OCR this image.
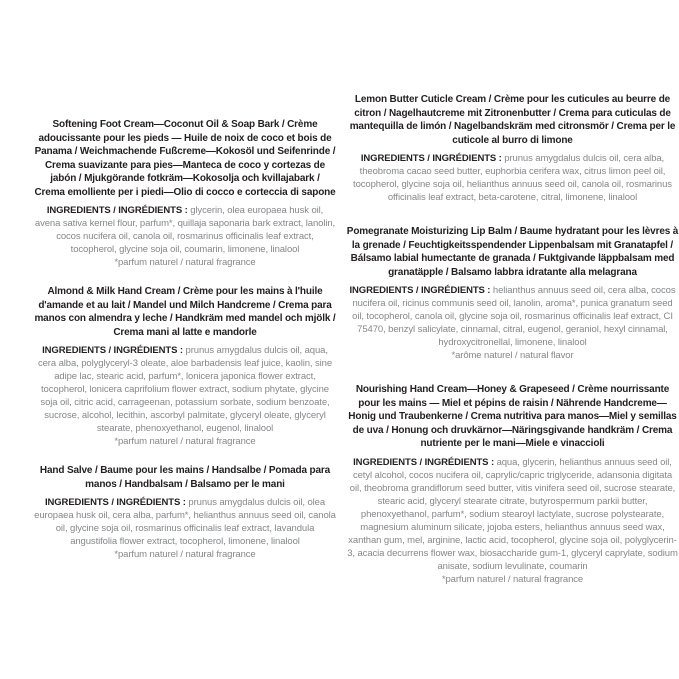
Softening Foot Cream—Coconut Oil & Soap Bark / Crème adoucissante pour les pieds — Huile de noix de coco et bois de Panama / Weichmachende Fußcreme—Kokosöl und Seifenrinde / Crema suavizante para pies—Manteca de coco y cortezas de jabón / Mjukgörande fotkräm—Kokosolja och kvillajabark / Crema emolliente per i piedi—Olio di cocco e corteccia di sapone

INGREDIENTS / INGRÉDIENTS : glycerin, olea europaea husk oil, avena sativa kernel flour, parfum*, quillaja saponaria bark extract, lanolin, cocos nucifera oil, canola oil, rosmarinus officinalis leaf extract, tocopherol, glycine soja oil, coumarin, limonene, linalool

*parfum naturel / natural fragrance
Almond & Milk Hand Cream / Crème pour les mains à l'huile d'amande et au lait / Mandel und Milch Handcreme / Crema para manos con almendra y leche / Handkräm med mandel och mjölk / Crema mani al latte e mandorle

INGREDIENTS / INGRÉDIENTS : prunus amygdalus dulcis oil, aqua, cera alba, polyglyceryl-3 oleate, aloe barbadensis leaf juice, kaolin, sine adipe lac, stearic acid, parfum*, lonicera japonica flower extract, tocopherol, lonicera caprifolium flower extract, sodium phytate, glycine soja oil, citric acid, carrageenan, potassium sorbate, sodium benzoate, sucrose, alcohol, lecithin, ascorbyl palmitate, glyceryl oleate, glyceryl stearate, phenoxyethanol, eugenol, linalool

*parfum naturel / natural fragrance
Hand Salve / Baume pour les mains / Handsalbe / Pomada para manos / Handbalsam / Balsamo per le mani

INGREDIENTS / INGRÉDIENTS : prunus amygdalus dulcis oil, olea europaea husk oil, cera alba, parfum*, helianthus annuus seed oil, canola oil, glycine soja oil, rosmarinus officinalis leaf extract, lavandula angustifolia flower extract, tocopherol, limonene, linalool

*parfum naturel / natural fragrance
Lemon Butter Cuticle Cream / Crème pour les cuticules au beurre de citron / Nagelhautcreme mit Zitronenbutter / Crema para cuticulas de mantequilla de limón / Nagelbandskräm med citronsmör / Crema per le cuticole al burro di limone

INGREDIENTS / INGRÉDIENTS : prunus amygdalus dulcis oil, cera alba, theobroma cacao seed butter, euphorbia cerifera wax, citrus limon peel oil, tocopherol, glycine soja oil, helianthus annuus seed oil, canola oil, rosmarinus officinalis leaf extract, beta-carotene, citral, limonene, linalool

Pomegranate Moisturizing Lip Balm / Baume hydratant pour les lèvres à la grenade / Feuchtigkeitsspendender Lippenbalsam mit Granatapfel / Bálsamo labial humectante de granada / Fuktgivande läppbalsam med granatäpple / Balsamo labbra idratante alla melagrana

INGREDIENTS / INGRÉDIENTS : helianthus annuus seed oil, cera alba, cocos nucifera oil, ricinus communis seed oil, lanolin, aroma*, punica granatum seed oil, tocopherol, canola oil, glycine soja oil, rosmarinus officinalis leaf extract, CI 75470, benzyl salicylate, cinnamal, citral, eugenol, geraniol, hexyl cinnamal, hydroxycitronellal, limonene, linalool

*arôme naturel / natural flavor
Nourishing Hand Cream—Honey & Grapeseed / Crème nourrissante pour les mains — Miel et pépins de raisin / Nährende Handcreme—Honig und Traubenkerne / Crema nutritiva para manos—Miel y semillas de uva / Honung och druvkärnor—Näringsgivande handkräm / Crema nutriente per le mani—Miele e vinaccioli

INGREDIENTS / INGRÉDIENTS : aqua, glycerin, helianthus annuus seed oil, cetyl alcohol, cocos nucifera oil, caprylic/capric triglyceride, adansonia digitata oil, theobroma grandiflorum seed butter, vitis vinifera seed oil, sucrose stearate, stearic acid, glyceryl stearate citrate, butyrospermum parkii butter, phenoxyethanol, parfum*, sodium stearoyl lactylate, sucrose polystearate, magnesium aluminum silicate, jojoba esters, helianthus annuus seed wax, xanthan gum, mel, arginine, lactic acid, tocopherol, glycine soja oil, polyglycerin-3, acacia decurrens flower wax, biosaccharide gum-1, glyceryl caprylate, sodium anisate, sodium levulinate, coumarin

*parfum naturel / natural fragrance
